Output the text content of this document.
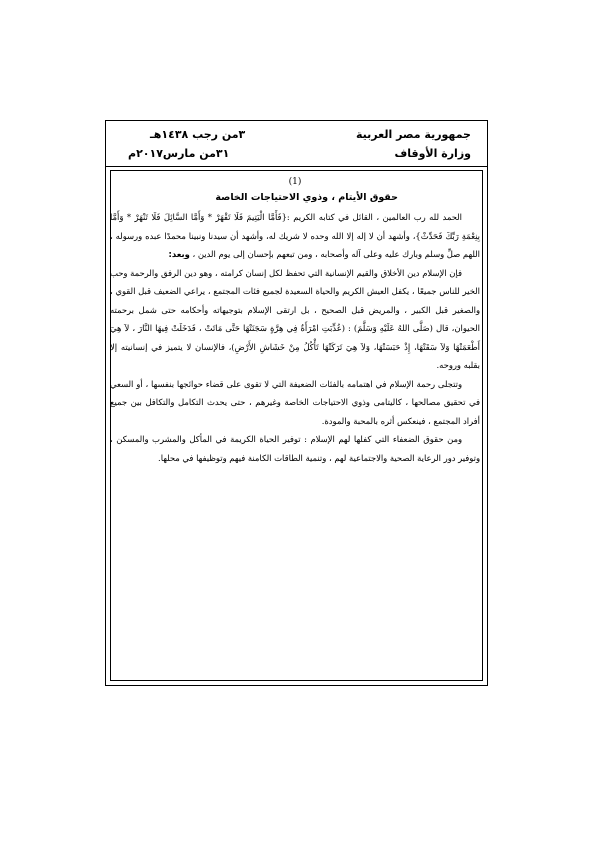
جمهورية مصر العربية
وزارة الأوقاف
٣من رجب ١٤٣٨هـ
٣١من مارس٢٠١٧م

(1)

حقوق الأيتام ، وذوي الاحتياجات الخاصة

الحمد لله رب العالمين ، القائل في كتابه الكريم :{فَأَمَّا الْيَتِيمَ فَلَا تَقْهَرْ * وَأَمَّا السَّائِلَ فَلَا تَنْهَرْ * وَأَمَّا بِنِعْمَةِ رَبِّكَ فَحَدِّثْ}، وأشهد أن لا إله إلا الله وحده لا شريك له، وأشهد أن سيدنا ونبينا محمدًا عبده ورسوله ، اللهم صلِّ وسلم وبارك عليه وعلى آله وأصحابه ، ومن تبعهم بإحسان إلى يوم الدين ، وبعد:

فإن الإسلام دين الأخلاق والقيم الإنسانية التي تحفظ لكل إنسان كرامته ، وهو دين الرفق والرحمة وحب الخير للناس جميعًا ، يكفل العيش الكريم والحياة السعيدة لجميع فئات المجتمع ، يراعي الضعيف قبل القوي ، والصغير قبل الكبير ، والمريض قبل الصحيح ، بل ارتقى الإسلام بتوجيهاته وأحكامه حتى شمل برحمته الحيوان، قال (صَلَّى اللهُ عَلَيْهِ وَسَلَّمَ) : (عُذِّبَتِ امْرَأَةٌ فِي هِرَّةٍ سَجَنَتْهَا حَتَّى مَاتَتْ ، فَدَخَلَتْ فِيهَا النَّارَ ، لاَ هِيَ أَطْعَمَتْهَا وَلاَ سَقَتْهَا، إِذْ حَبَسَتْهَا، وَلاَ هِيَ تَرَكَتْهَا تَأْكُلُ مِنْ خَشَاشِ الأَرْضِ)، فالإنسان لا يتميز في إنسانيته إلا بقلبه وروحه.

وتتجلى رحمة الإسلام في اهتمامه بالفئات الضعيفة التي لا تقوى على قضاء حوائجها بنفسها ، أو السعي في تحقيق مصالحها ، كاليتامى وذوي الاحتياجات الخاصة وغيرهم ، حتى يحدث التكامل والتكافل بين جميع أفراد المجتمع ، فينعكس أثره بالمحبة والمودة.

ومن حقوق الضعفاء التي كفلها لهم الإسلام : توفير الحياة الكريمة في المأكل والمشرب والمسكن ، وتوفير دور الرعاية الصحية والاجتماعية لهم ، وتنمية الطاقات الكامنة فيهم وتوظيفها في محلها.
